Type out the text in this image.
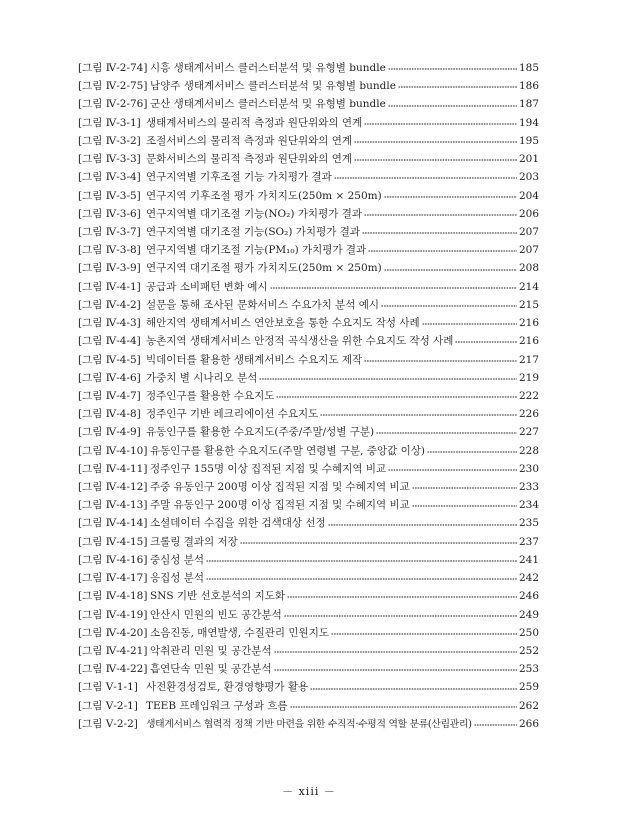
[그림 Ⅳ-2-74] 시흥 생태계서비스 클러스터분석 및 유형별 bundle	185
[그림 Ⅳ-2-75] 남양주 생태계서비스 클러스터분석 및 유형별 bundle	186
[그림 Ⅳ-2-76] 군산 생태계서비스 클러스터분석 및 유형별 bundle	187
[그림 Ⅳ-3-1] 생태계서비스의 물리적 측정과 원단위와의 연계	194
[그림 Ⅳ-3-2] 조절서비스의 물리적 측정과 원단위와의 연계	195
[그림 Ⅳ-3-3] 문화서비스의 물리적 측정과 원단위와의 연계	201
[그림 Ⅳ-3-4] 연구지역별 기후조절 기능 가치평가 결과	203
[그림 Ⅳ-3-5] 연구지역 기후조절 평가 가치지도(250m × 250m)	204
[그림 Ⅳ-3-6] 연구지역별 대기조절 기능(NO₂) 가치평가 결과	206
[그림 Ⅳ-3-7] 연구지역별 대기조절 기능(SO₂) 가치평가 결과	207
[그림 Ⅳ-3-8] 연구지역별 대기조절 기능(PM₁₀) 가치평가 결과	207
[그림 Ⅳ-3-9] 연구지역 대기조절 평가 가치지도(250m × 250m)	208
[그림 Ⅳ-4-1] 공급과 소비패턴 변화 예시	214
[그림 Ⅳ-4-2] 설문을 통해 조사된 문화서비스 수요가치 분석 예시	215
[그림 Ⅳ-4-3] 해안지역 생태계서비스 연안보호을 통한 수요지도 작성 사례	216
[그림 Ⅳ-4-4] 농촌지역 생태계서비스 안정적 곡식생산을 위한 수요지도 작성 사례	216
[그림 Ⅳ-4-5] 빅데이터를 활용한 생태계서비스 수요지도 제작	217
[그림 Ⅳ-4-6] 가중치 별 시나리오 분석	219
[그림 Ⅳ-4-7] 정주인구를 활용한 수요지도	222
[그림 Ⅳ-4-8] 정주인구 기반 레크리에이션 수요지도	226
[그림 Ⅳ-4-9] 유동인구를 활용한 수요지도(주중/주말/성별 구분)	227
[그림 Ⅳ-4-10] 유동인구를 활용한 수요지도(주말 연령별 구분, 중앙값 이상)	228
[그림 Ⅳ-4-11] 정주인구 155명 이상 집적된 지점 및 수혜지역 비교	230
[그림 Ⅳ-4-12] 주중 유동인구 200명 이상 집적된 지점 및 수혜지역 비교	233
[그림 Ⅳ-4-13] 주말 유동인구 200명 이상 집적된 지점 및 수혜지역 비교	234
[그림 Ⅳ-4-14] 소셜데이터 수집을 위한 검색대상 선정	235
[그림 Ⅳ-4-15] 크롤링 결과의 저장	237
[그림 Ⅳ-4-16] 중심성 분석	241
[그림 Ⅳ-4-17] 응집성 분석	242
[그림 Ⅳ-4-18] SNS 기반 선호분석의 지도화	246
[그림 Ⅳ-4-19] 안산시 민원의 빈도 공간분석	249
[그림 Ⅳ-4-20] 소음진동, 매연발생, 수질관리 민원지도	250
[그림 Ⅳ-4-21] 악취관리 민원 및 공간분석	252
[그림 Ⅳ-4-22] 흡연단속 민원 및 공간분석	253
[그림 Ⅴ-1-1] 사전환경성검토, 환경영향평가 활용	259
[그림 Ⅴ-2-1] TEEB 프레임워크 구성과 흐름	262
[그림 Ⅴ-2-2] 생태계서비스 협력적 정책 기반 마련을 위한 수직적·수평적 역할 분류(산림관리)	266
－ xiii －
